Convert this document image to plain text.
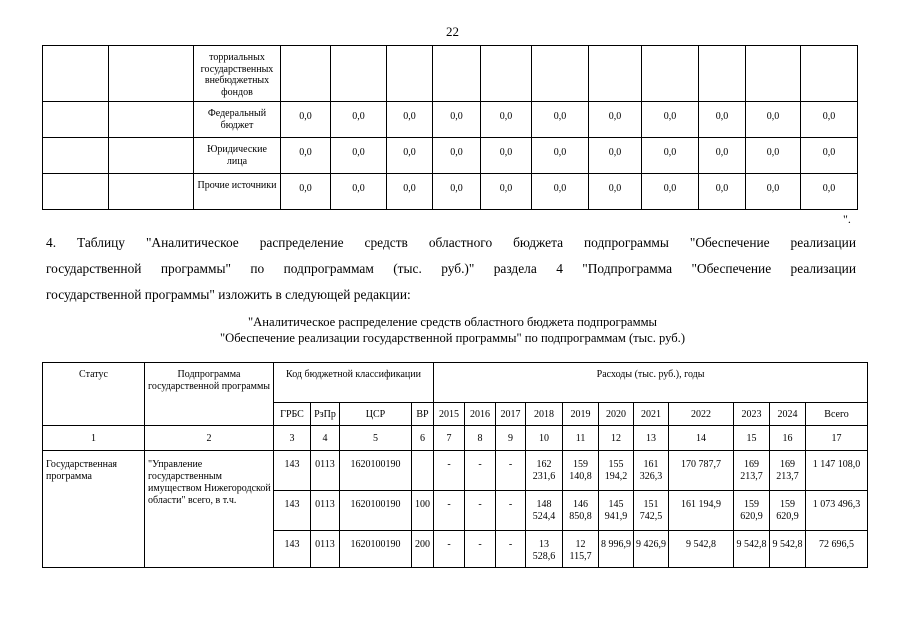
22
		торриальных государственных внебюджетных фондов											
		Федеральный бюджет	0,0	0,0	0,0	0,0	0,0	0,0	0,0	0,0	0,0	0,0	0,0
		Юридические лица	0,0	0,0	0,0	0,0	0,0	0,0	0,0	0,0	0,0	0,0	0,0
		Прочие источники	0,0	0,0	0,0	0,0	0,0	0,0	0,0	0,0	0,0	0,0	0,0
".
4. Таблицу "Аналитическое распределение средств областного бюджета подпрограммы "Обеспечение реализации
государственной программы" по подпрограммам (тыс. руб.)" раздела 4 "Подпрограмма "Обеспечение реализации
государственной программы" изложить в следующей редакции:
"Аналитическое распределение средств областного бюджета подпрограммы
"Обеспечение реализации государственной программы" по подпрограммам (тыс. руб.)
Статус	Подпрограмма государственной программы	Код бюджетной классификации				Расходы (тыс. руб.), годы										
		ГРБС	РзПр	ЦСР	ВР	2015	2016	2017	2018	2019	2020	2021	2022	2023	2024	Всего
1	2	3	4	5	6	7	8	9	10	11	12	13	14	15	16	17
Государственная программа	"Управление государственным имуществом Нижегородской области" всего, в т.ч.	143	0113	1620100190		-	-	-	162 231,6	159 140,8	155 194,2	161 326,3	170 787,7	169 213,7	169 213,7	1 147 108,0
		143	0113	1620100190	100	-	-	-	148 524,4	146 850,8	145 941,9	151 742,5	161 194,9	159 620,9	159 620,9	1 073 496,3
		143	0113	1620100190	200	-	-	-	13 528,6	12 115,7	8 996,9	9 426,9	9 542,8	9 542,8	9 542,8	72 696,5
